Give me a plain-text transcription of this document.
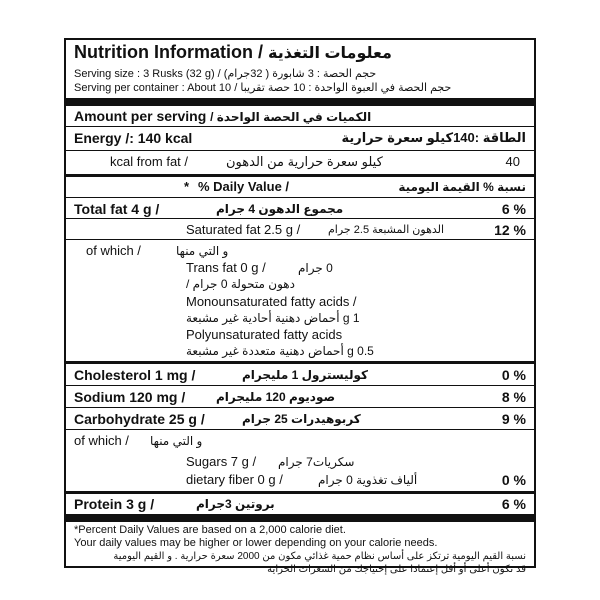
Nutrition Information / معلومات التغذية
Serving size : 3 Rusks (32 g) / حجم الحصة : 3 شابورة ( 32جرام)
Serving per container : About 10 / حجم الحصة في العبوة الواحدة : 10 حصة تقريبا
Amount per serving الكميات في الحصة الواحدة /
Energy /: 140 kcal	الطاقة :140كيلو سعرة حرارية
kcal from fat /	كيلو سعرة حرارية من الدهون	40
* % Daily Value /	نسبة % القيمة اليومية
Total fat 4 g /	مجموع الدهون 4 جرام	6 %
Saturated fat 2.5 g /	الدهون المشبعة 2.5 جرام	12 %
of which /	و التي منها
Trans fat 0 g /	0 جرام
دهون متحولة 0 جرام /
Monounsaturated fatty acids /
1 g أحماض دهنية أحادية غير مشبعة
Polyunsaturated fatty acids
0.5 g أحماض دهنية متعددة غير مشبعة
Cholesterol 1 mg /	كوليسترول 1 مليجرام	0 %
Sodium 120 mg /	صوديوم 120 مليجرام	8 %
Carbohydrate 25 g /	كربوهيدرات 25 جرام	9 %
of which / و التي منها
Sugars 7 g / سكريات7 جرام
dietary fiber 0 g /	ألياف تغذوية 0 جرام	0 %
Protein 3 g /	بروتين 3جرام	6 %
*Percent Daily Values are based on a 2,000 calorie diet.
Your daily values may be higher or lower depending on your calorie needs.
نسبة القيم اليومية ترتكز على أساس نظام حمية غذائي مكون من 2000 سعرة حرارية . و القيم اليومية
قد تكون أعلى أو أقل إعتمادا على إحتياجك من السعرات الحراية
